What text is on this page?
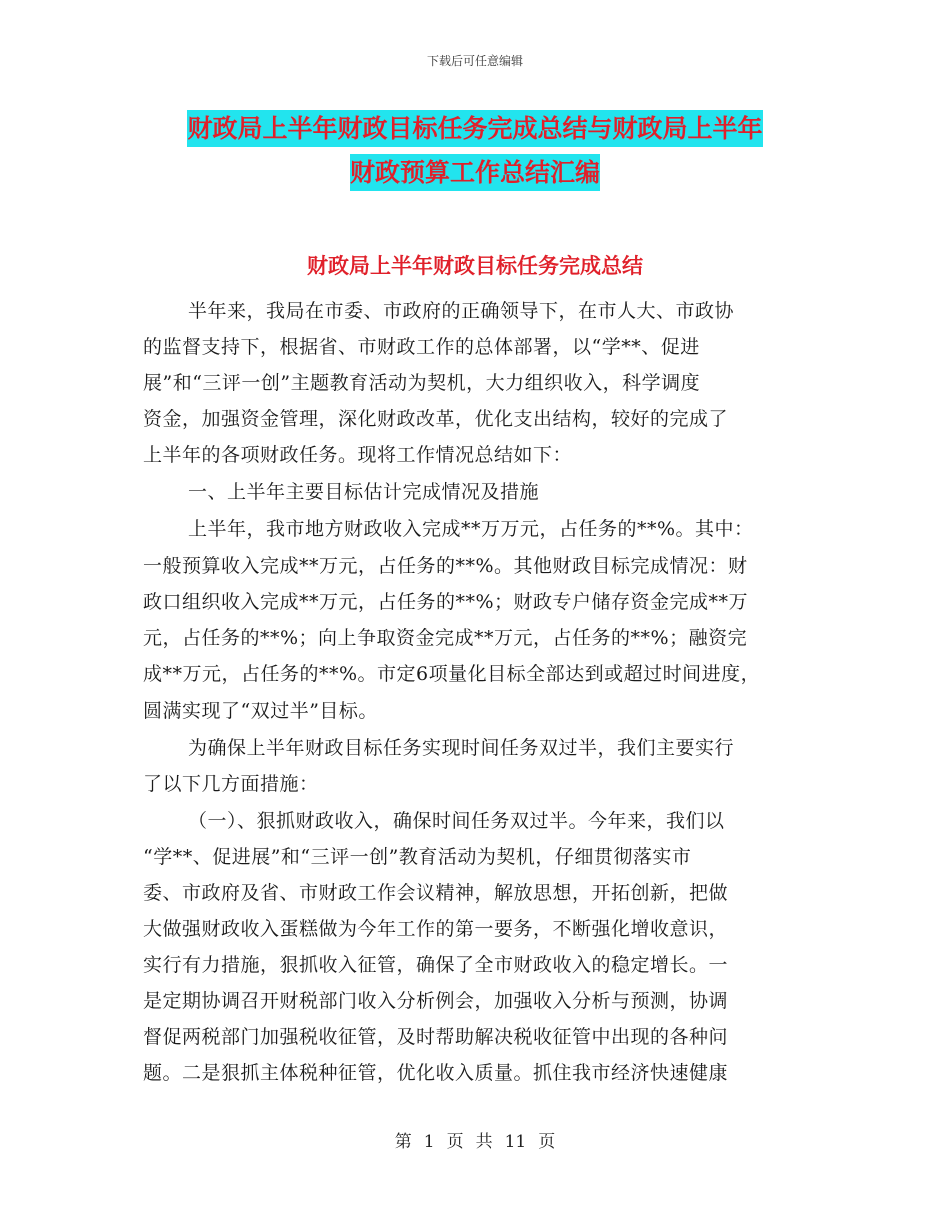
下载后可任意编辑
财政局上半年财政目标任务完成总结与财政局上半年
财政预算工作总结汇编
财政局上半年财政目标任务完成总结
半年来，我局在市委、市政府的正确领导下，在市人大、市政协
的监督支持下，根据省、市财政工作的总体部署，以“学**、促进
展”和“三评一创”主题教育活动为契机，大力组织收入，科学调度
资金，加强资金管理，深化财政改革，优化支出结构，较好的完成了
上半年的各项财政任务。现将工作情况总结如下：
一、上半年主要目标估计完成情况及措施
上半年，我市地方财政收入完成**万万元，占任务的**%。其中：
一般预算收入完成**万元，占任务的**%。其他财政目标完成情况：财
政口组织收入完成**万元，占任务的**%；财政专户储存资金完成**万
元，占任务的**%；向上争取资金完成**万元，占任务的**%；融资完
成**万元，占任务的**%。市定6项量化目标全部达到或超过时间进度，
圆满实现了“双过半”目标。
为确保上半年财政目标任务实现时间任务双过半，我们主要实行
了以下几方面措施：
（一）、狠抓财政收入，确保时间任务双过半。今年来，我们以
“学**、促进展”和“三评一创”教育活动为契机，仔细贯彻落实市
委、市政府及省、市财政工作会议精神，解放思想，开拓创新，把做
大做强财政收入蛋糕做为今年工作的第一要务，不断强化增收意识，
实行有力措施，狠抓收入征管，确保了全市财政收入的稳定增长。一
是定期协调召开财税部门收入分析例会，加强收入分析与预测，协调
督促两税部门加强税收征管，及时帮助解决税收征管中出现的各种问
题。二是狠抓主体税种征管，优化收入质量。抓住我市经济快速健康
第 1 页 共 11 页
